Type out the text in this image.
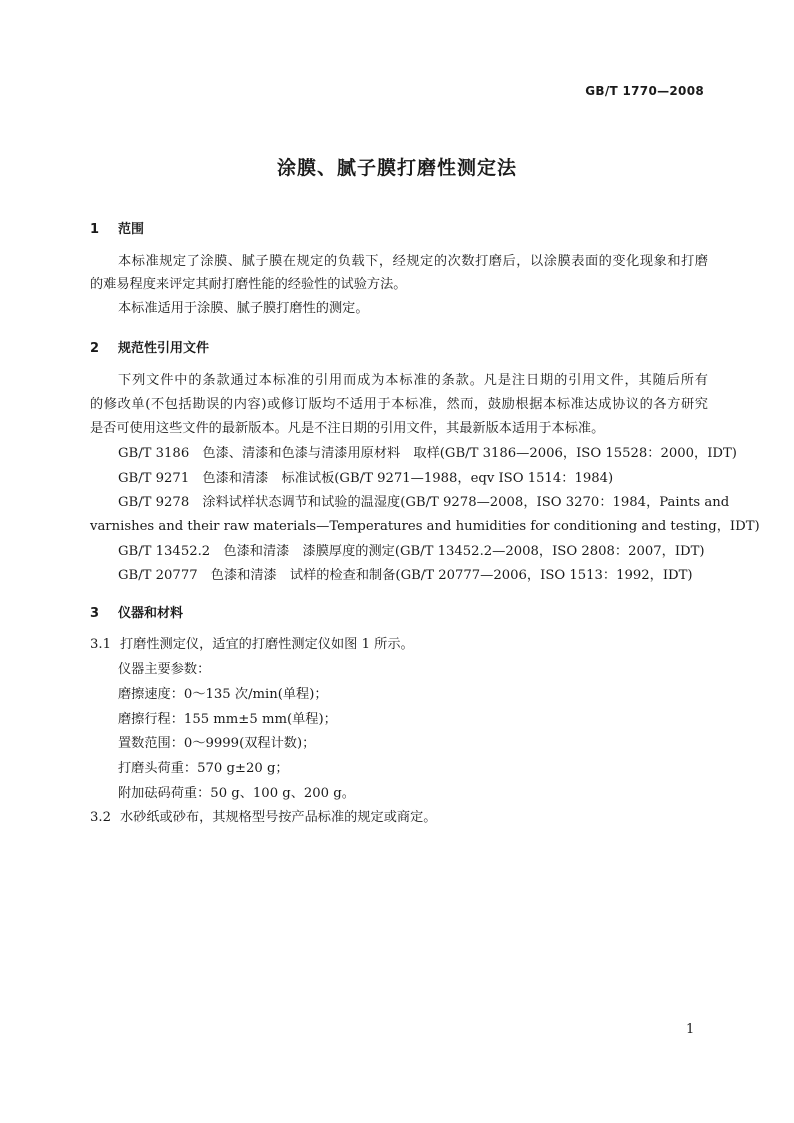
GB/T 1770—2008
涂膜、腻子膜打磨性测定法
1 范围
本标准规定了涂膜、腻子膜在规定的负载下，经规定的次数打磨后，以涂膜表面的变化现象和打磨
的难易程度来评定其耐打磨性能的经验性的试验方法。
本标准适用于涂膜、腻子膜打磨性的测定。
2 规范性引用文件
下列文件中的条款通过本标准的引用而成为本标准的条款。凡是注日期的引用文件，其随后所有
的修改单(不包括勘误的内容)或修订版均不适用于本标准，然而，鼓励根据本标准达成协议的各方研究
是否可使用这些文件的最新版本。凡是不注日期的引用文件，其最新版本适用于本标准。
GB/T 3186　色漆、清漆和色漆与清漆用原材料　取样(GB/T 3186—2006，ISO 15528：2000，IDT)
GB/T 9271　色漆和清漆　标准试板(GB/T 9271—1988，eqv ISO 1514：1984)
GB/T 9278　涂料试样状态调节和试验的温湿度(GB/T 9278—2008，ISO 3270：1984，Paints and
varnishes and their raw materials—Temperatures and humidities for conditioning and testing，IDT)
GB/T 13452.2　色漆和清漆　漆膜厚度的测定(GB/T 13452.2—2008，ISO 2808：2007，IDT)
GB/T 20777　色漆和清漆　试样的检查和制备(GB/T 20777—2006，ISO 1513：1992，IDT)
3 仪器和材料
3.1 打磨性测定仪，适宜的打磨性测定仪如图 1 所示。
仪器主要参数：
磨擦速度：0～135 次/min(单程)；
磨擦行程：155 mm±5 mm(单程)；
置数范围：0～9999(双程计数)；
打磨头荷重：570 g±20 g；
附加砝码荷重：50 g、100 g、200 g。
3.2 水砂纸或砂布，其规格型号按产品标准的规定或商定。
1
